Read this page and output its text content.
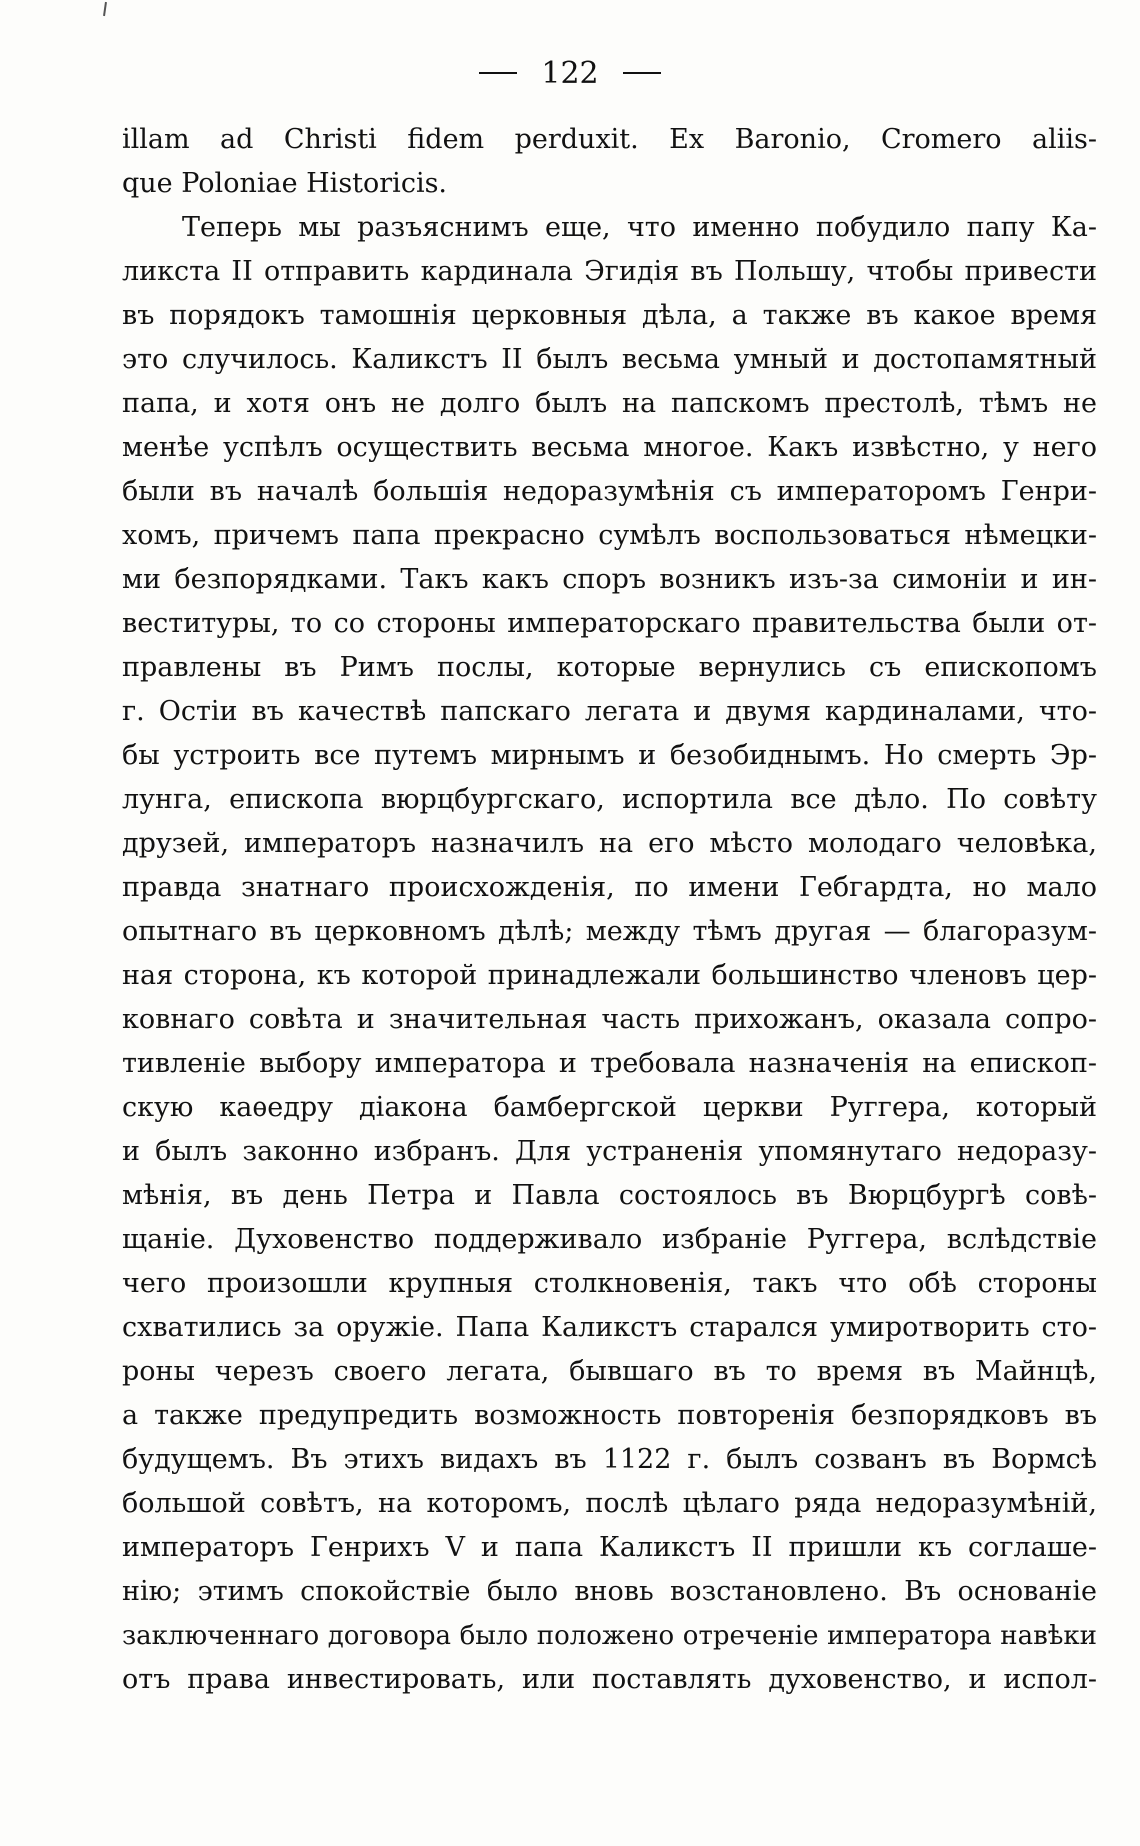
122
illam ad Christi fidem perduxit. Ex Baronio, Cromero aliis-
que Poloniae Historicis.
Теперь мы разъяснимъ еще, что именно побудило папу Ка-
ликста II отправить кардинала Эгидія въ Польшу, чтобы привести
въ порядокъ тамошнія церковныя дѣла, а также въ какое время
это случилось. Каликстъ II былъ весьма умный и достопамятный
папа, и хотя онъ не долго былъ на папскомъ престолѣ, тѣмъ не
менѣе успѣлъ осуществить весьма многое. Какъ извѣстно, у него
были въ началѣ большія недоразумѣнія съ императоромъ Генри-
хомъ, причемъ папа прекрасно сумѣлъ воспользоваться нѣмецки-
ми безпорядками. Такъ какъ споръ возникъ изъ-за симоніи и ин-
веституры, то со стороны императорскаго правительства были от-
правлены въ Римъ послы, которые вернулись съ епископомъ
г. Остіи въ качествѣ папскаго легата и двумя кардиналами, что-
бы устроить все путемъ мирнымъ и безобиднымъ. Но смерть Эр-
лунга, епископа вюрцбургскаго, испортила все дѣло. По совѣту
друзей, императоръ назначилъ на его мѣсто молодаго человѣка,
правда знатнаго происхожденія, по имени Гебгардта, но мало
опытнаго въ церковномъ дѣлѣ; между тѣмъ другая — благоразум-
ная сторона, къ которой принадлежали большинство членовъ цер-
ковнаго совѣта и значительная часть прихожанъ, оказала сопро-
тивленіе выбору императора и требовала назначенія на епископ-
скую каѳедру діакона бамбергской церкви Руггера, который
и былъ законно избранъ. Для устраненія упомянутаго недоразу-
мѣнія, въ день Петра и Павла состоялось въ Вюрцбургѣ совѣ-
щаніе. Духовенство поддерживало избраніе Руггера, вслѣдствіе
чего произошли крупныя столкновенія, такъ что обѣ стороны
схватились за оружіе. Папа Каликстъ старался умиротворить сто-
роны черезъ своего легата, бывшаго въ то время въ Майнцѣ,
а также предупредить возможность повторенія безпорядковъ въ
будущемъ. Въ этихъ видахъ въ 1122 г. былъ созванъ въ Вормсѣ
большой совѣтъ, на которомъ, послѣ цѣлаго ряда недоразумѣній,
императоръ Генрихъ V и папа Каликстъ II пришли къ соглаше-
нію; этимъ спокойствіе было вновь возстановлено. Въ основаніе
заключеннаго договора было положено отреченіе императора навѣки
отъ права инвестировать, или поставлять духовенство, и испол-
